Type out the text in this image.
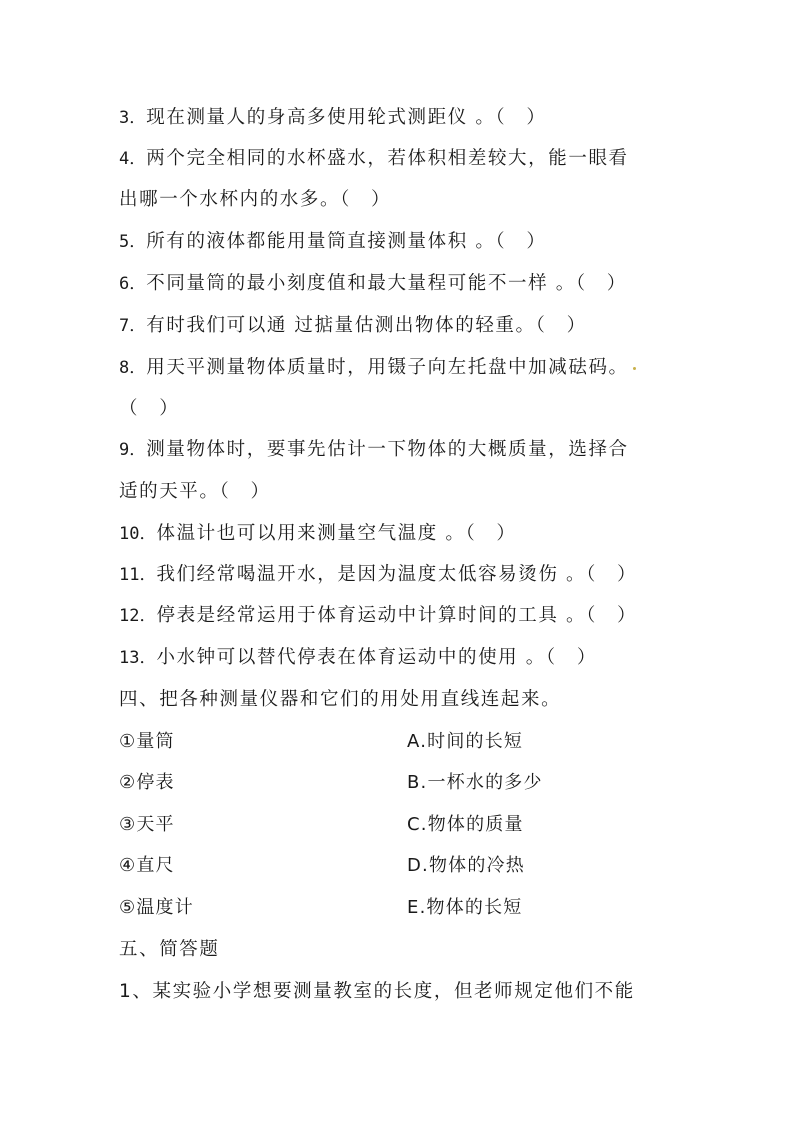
3．现在测量人的身高多使用轮式测距仪 。（　）
4．两个完全相同的水杯盛水，若体积相差较大，能一眼看
出哪一个水杯内的水多。（　）
5．所有的液体都能用量筒直接测量体积 。（　）
6．不同量筒的最小刻度值和最大量程可能不一样 。（　）
7．有时我们可以通 过掂量估测出物体的轻重。（　）
8．用天平测量物体质量时，用镊子向左托盘中加减砝码。
（　）
9．测量物体时，要事先估计一下物体的大概质量，选择合
适的天平。（　）
10．体温计也可以用来测量空气温度 。（　）
11．我们经常喝温开水，是因为温度太低容易烫伤 。（　）
12．停表是经常运用于体育运动中计算时间的工具 。（　）
13．小水钟可以替代停表在体育运动中的使用 。（　）
四、把各种测量仪器和它们的用处用直线连起来。
①量筒	A.时间的长短
②停表	B.一杯水的多少
③天平	C.物体的质量
④直尺	D.物体的冷热
⑤温度计	E.物体的长短
五、简答题
1、某实验小学想要测量教室的长度，但老师规定他们不能
